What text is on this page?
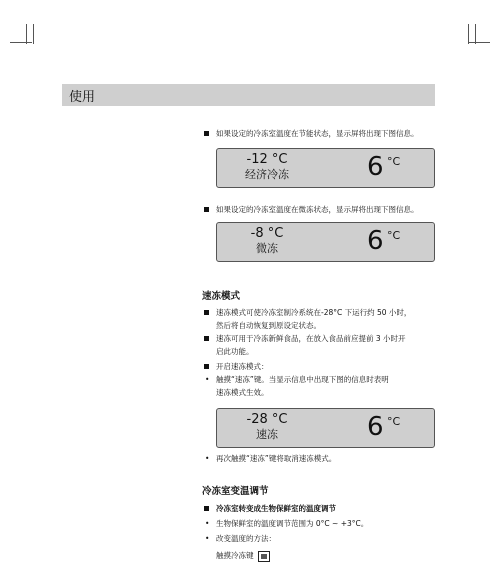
使用
如果设定的冷冻室温度在节能状态，显示屏将出现下图信息。
-12 °C
经济冷冻	6 °C
如果设定的冷冻室温度在微冻状态，显示屏将出现下图信息。
-8 °C
微冻	6 °C
速冻模式
速冻模式可使冷冻室制冷系统在-28°C 下运行约 50 小时，
然后将自动恢复到原设定状态。
速冻可用于冷冻新鲜食品，在放入食品前应提前 3 小时开
启此功能。
开启速冻模式：
• 触摸“速冻”键。当显示信息中出现下图的信息时表明
速冻模式生效。
-28 °C
速冻	6 °C
• 再次触摸“速冻”键将取消速冻模式。
冷冻室变温调节
冷冻室转变成生物保鲜室的温度调节
• 生物保鲜室的温度调节范围为 0°C ~ +3°C。
• 改变温度的方法：
触摸冷冻键
